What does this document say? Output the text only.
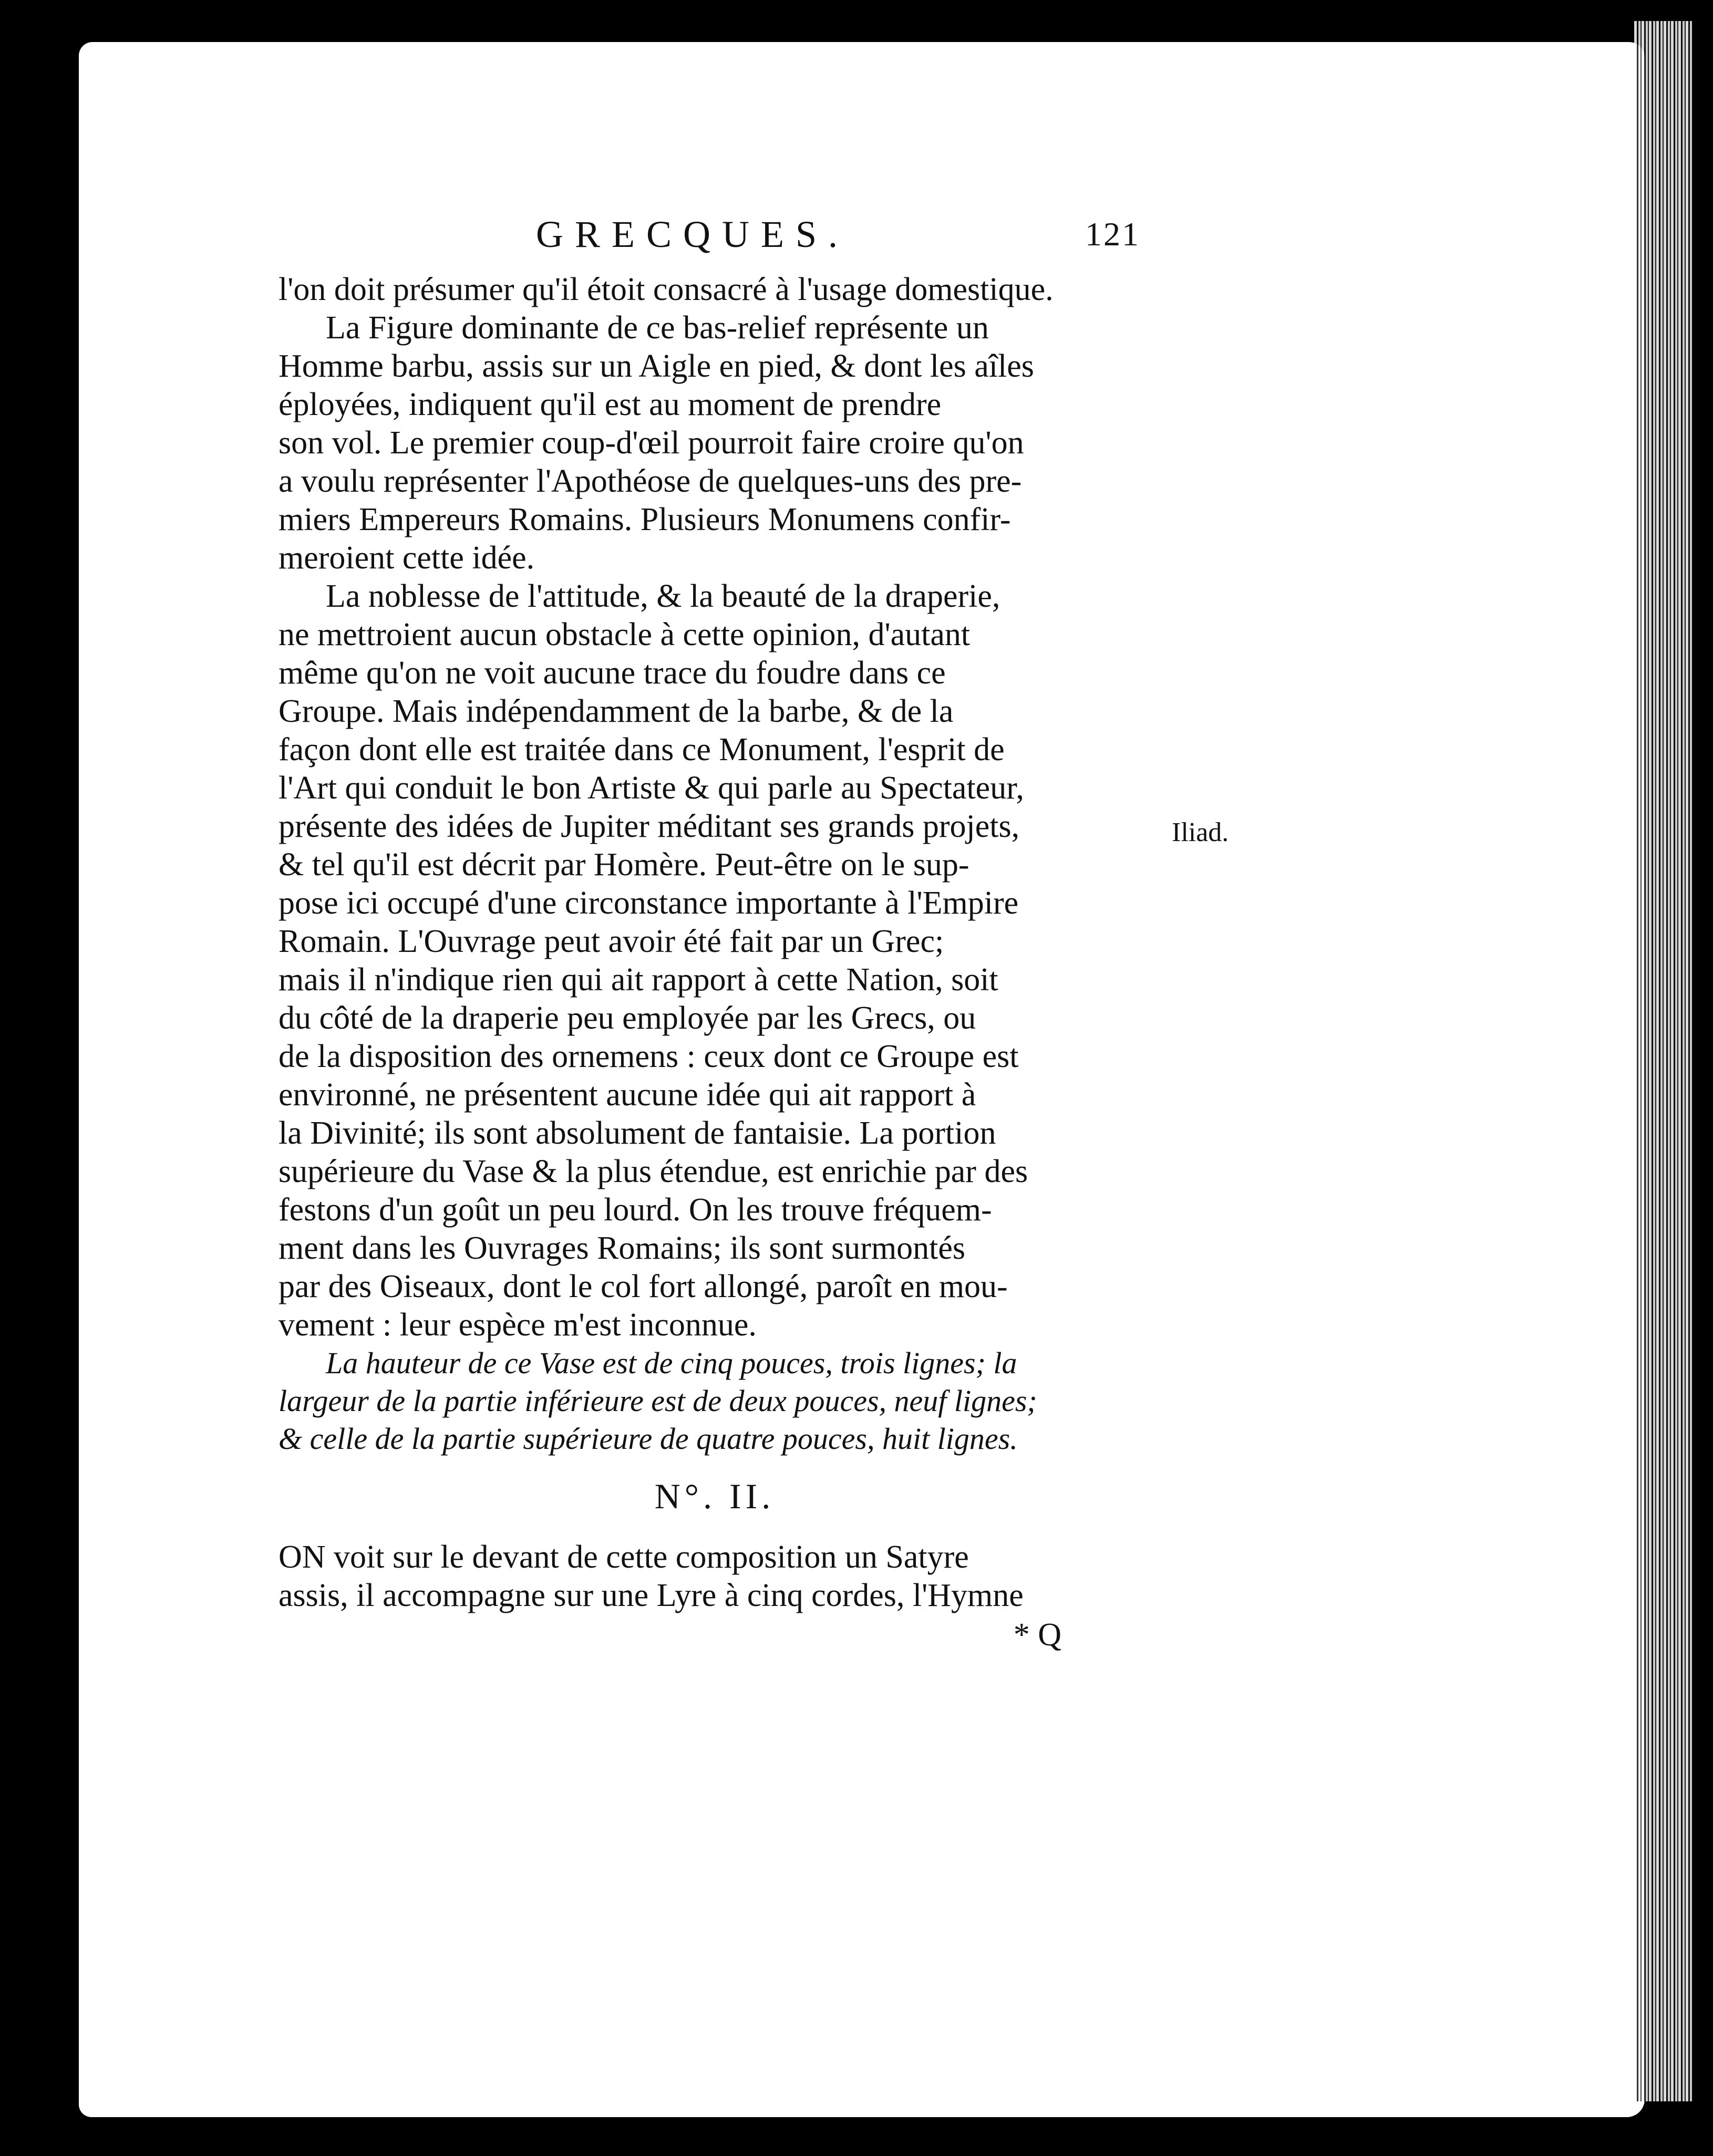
GRECQUES.	121

l'on doit présumer qu'il étoit consacré à l'usage domestique.

La Figure dominante de ce bas-relief représente un
Homme barbu, assis sur un Aigle en pied, & dont les aîles
éployées, indiquent qu'il est au moment de prendre
son vol. Le premier coup-d'œil pourroit faire croire qu'on
a voulu représenter l'Apothéose de quelques-uns des pre-
miers Empereurs Romains. Plusieurs Monumens confir-
meroient cette idée.

La noblesse de l'attitude, & la beauté de la draperie,
ne mettroient aucun obstacle à cette opinion, d'autant
même qu'on ne voit aucune trace du foudre dans ce
Groupe. Mais indépendamment de la barbe, & de la
façon dont elle est traitée dans ce Monument, l'esprit de
l'Art qui conduit le bon Artiste & qui parle au Spectateur,
présente des idées de Jupiter méditant ses grands projets,
& tel qu'il est décrit par Homère. Peut-être on le sup-
pose ici occupé d'une circonstance importante à l'Empire
Romain. L'Ouvrage peut avoir été fait par un Grec;
mais il n'indique rien qui ait rapport à cette Nation, soit
du côté de la draperie peu employée par les Grecs, ou
de la disposition des ornemens : ceux dont ce Groupe est
environné, ne présentent aucune idée qui ait rapport à
la Divinité; ils sont absolument de fantaisie. La portion
supérieure du Vase & la plus étendue, est enrichie par des
festons d'un goût un peu lourd. On les trouve fréquem-
ment dans les Ouvrages Romains; ils sont surmontés
par des Oiseaux, dont le col fort allongé, paroît en mou-
vement : leur espèce m'est inconnue.

La hauteur de ce Vase est de cinq pouces, trois lignes; la
largeur de la partie inférieure est de deux pouces, neuf lignes;
& celle de la partie supérieure de quatre pouces, huit lignes.

N°. II.

ON voit sur le devant de cette composition un Satyre
assis, il accompagne sur une Lyre à cinq cordes, l'Hymne

* Q
Iliad.
